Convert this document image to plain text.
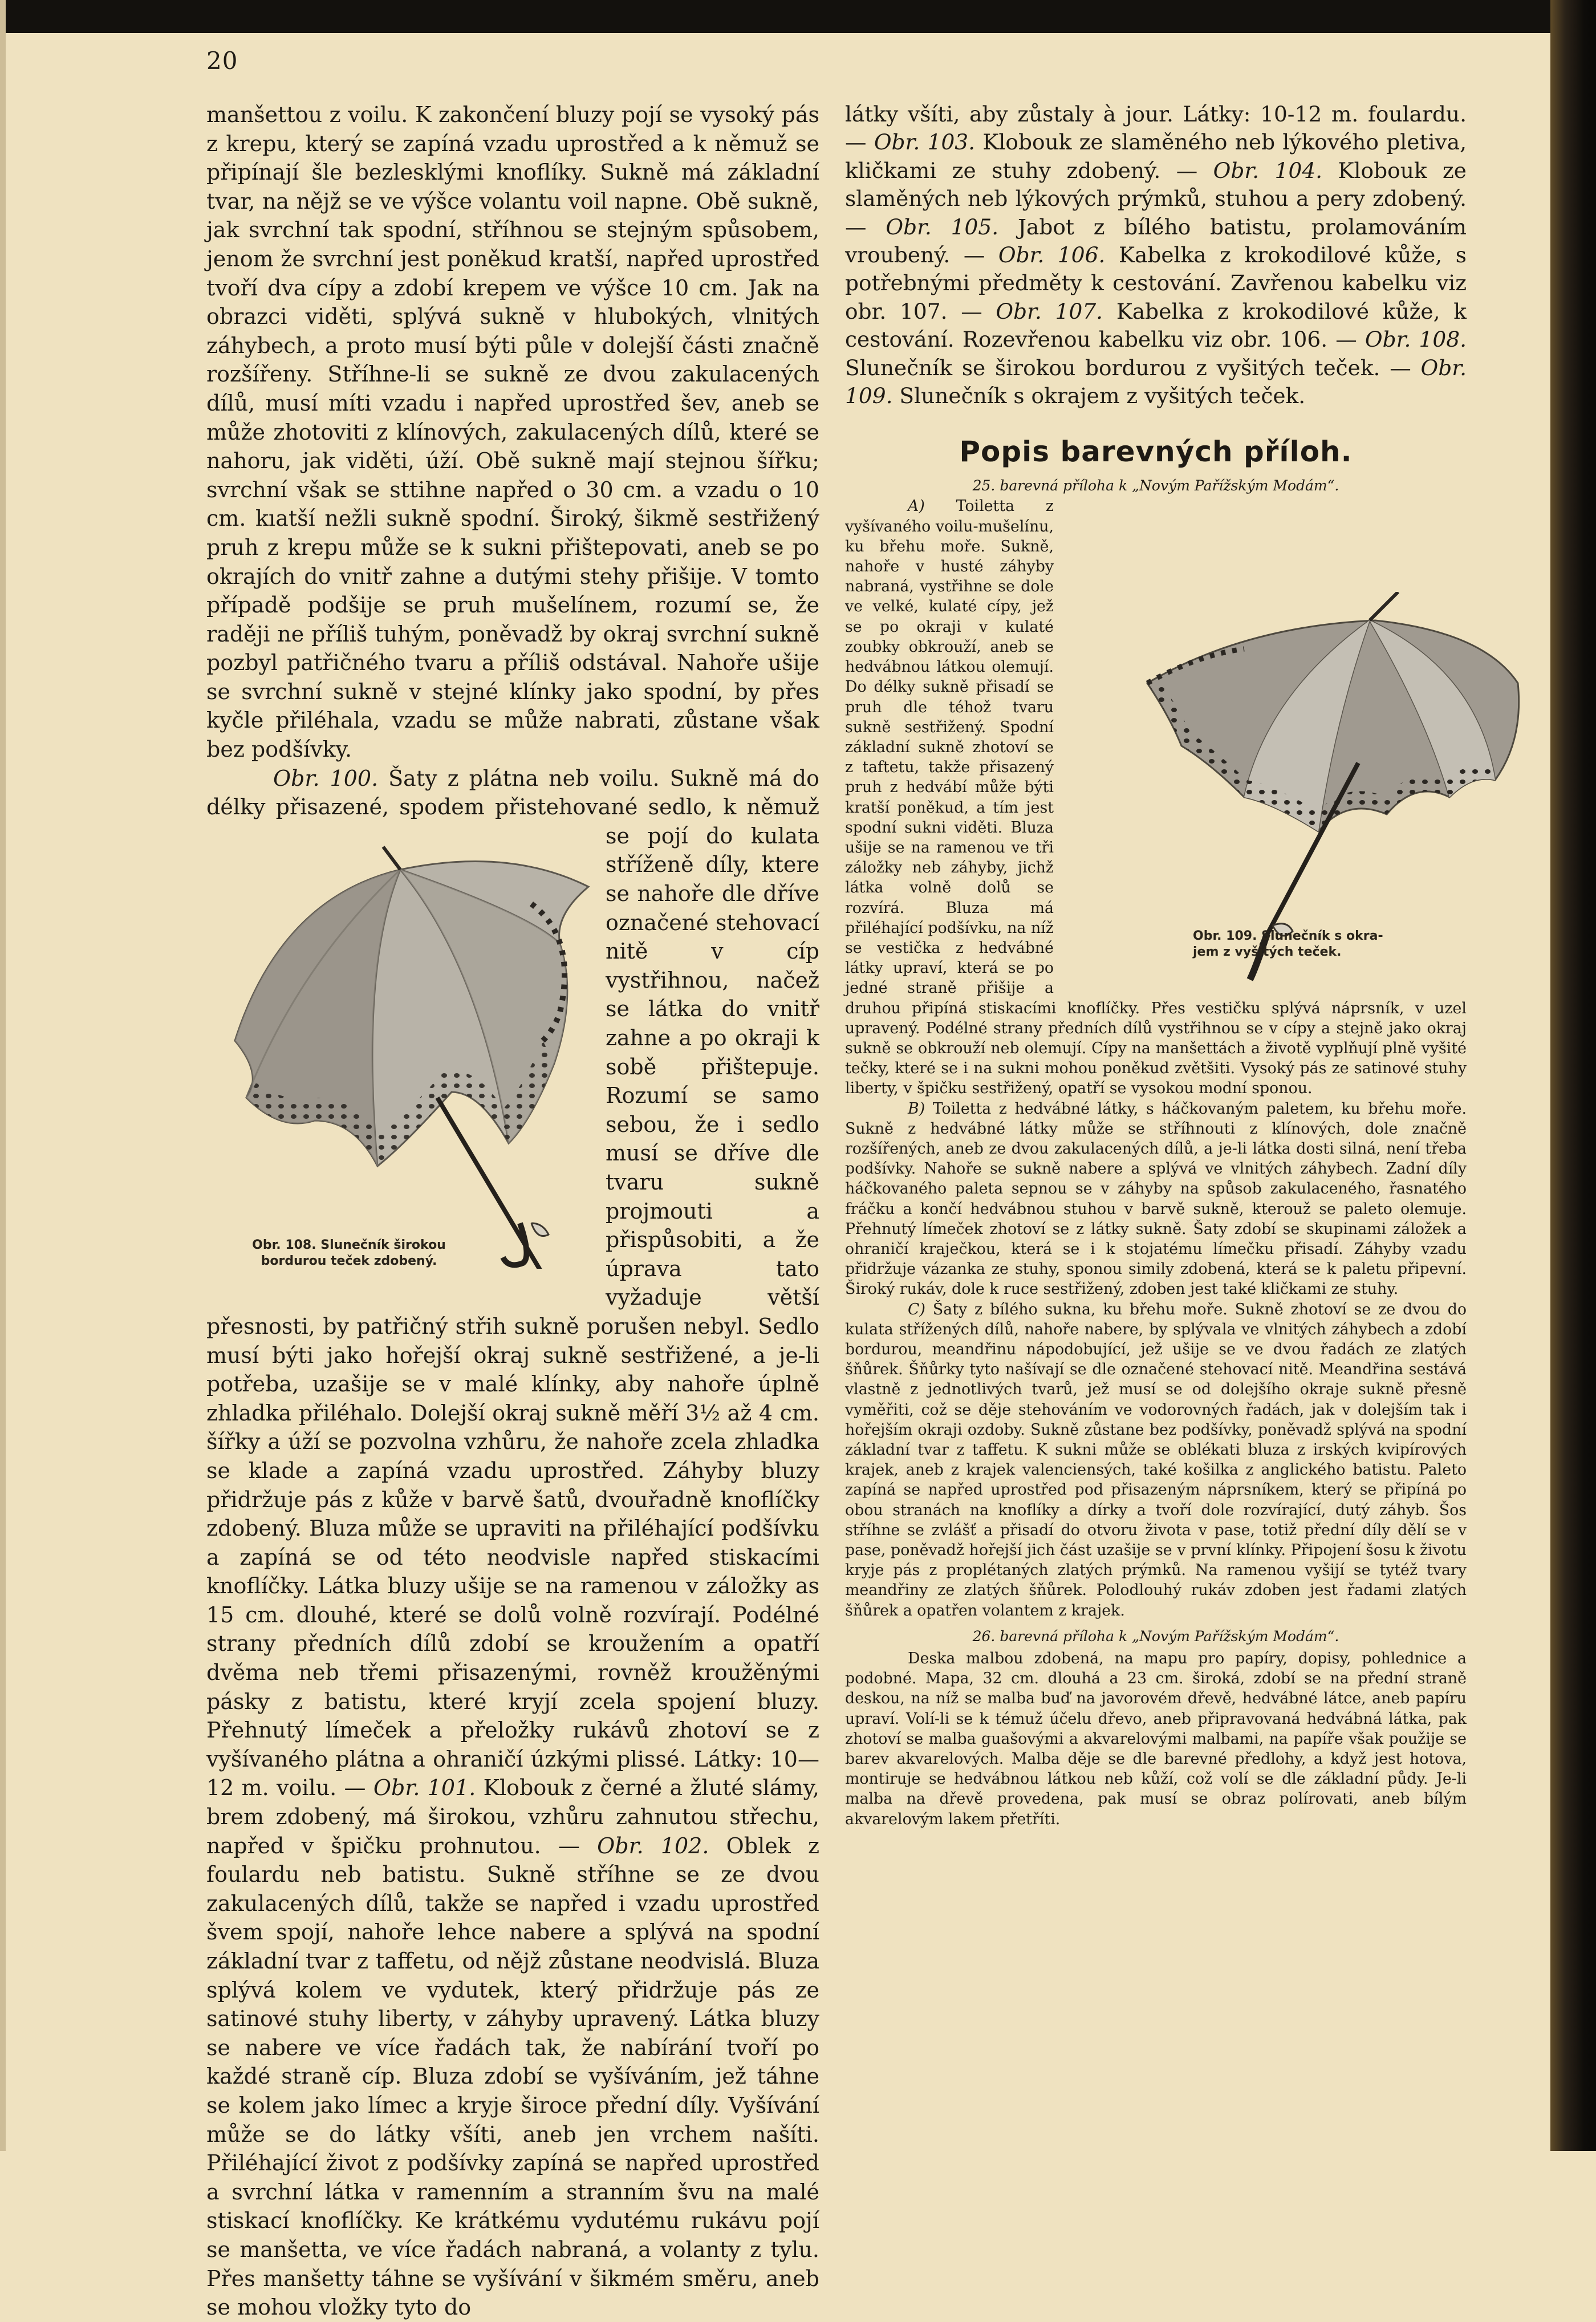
20

manšettou z voilu. K zakončení bluzy pojí se vysoký pás z krepu, který se zapíná vzadu uprostřed a k němuž se připínají šle bezlesklými knoflíky. Sukně má základní tvar, na nějž se ve výšce volantu voil napne. Obě sukně, jak svrchní tak spodní, stříhnou se stejným spůsobem, jenom že svrchní jest poněkud kratší, napřed uprostřed tvoří dva cípy a zdobí krepem ve výšce 10 cm. Jak na obrazci viděti, splývá sukně v hlubokých, vlnitých záhybech, a proto musí býti půle v dolejší části značně rozšířeny. Stříhne-li se sukně ze dvou zakulacených dílů, musí míti vzadu i napřed uprostřed šev, aneb se může zhotoviti z klínových, zakulacených dílů, které se nahoru, jak viděti, úží. Obě sukně mají stejnou šířku; svrchní však se sttihne napřed o 30 cm. a vzadu o 10 cm. kıatší nežli sukně spodní. Široký, šikmě sestřižený pruh z krepu může se k sukni přištepovati, aneb se po okrajích do vnitř zahne a dutými stehy přišije. V tomto případě podšije se pruh mušelínem, rozumí se, že raději ne příliš tuhým, poněvadž by okraj svrchní sukně pozbyl patřičného tvaru a příliš odstával. Nahoře ušije se svrchní sukně v stejné klínky jako spodní, by přes kyčle přiléhala, vzadu se může nabrati, zůstane však bez podšívky.

Obr. 100. Šaty z plátna neb voilu. Sukně má do délky přisazené, spodem přistehované sedlo, k němuž se pojí do kulata stříženě díly, ktere se nahoře dle dříve označené stehovací nitě v cíp vystřihnou, načež se látka do vnitř zahne a po okraji k sobě přištepuje. Rozumí se samo sebou, že i sedlo musí se dříve dle tvaru sukně projmouti a přispůsobiti, a že úprava tato vyžaduje větší přesnosti, by patřičný střih sukně porušen nebyl. Sedlo musí býti jako hořejší okraj sukně sestřižené, a je-li potřeba, uzašije se v malé klínky, aby nahoře úplně zhladka přiléhalo. Dolejší okraj sukně měří 3½ až 4 cm. šířky a úží se pozvolna vzhůru, že nahoře zcela zhladka se klade a zapíná vzadu uprostřed. Záhyby bluzy přidržuje pás z kůže v barvě šatů, dvouřadně knoflíčky zdobený. Bluza může se upraviti na přiléhající podšívku a zapíná se od této neodvisle napřed stiskacími knoflíčky. Látka bluzy ušije se na ramenou v záložky as 15 cm. dlouhé, které se dolů volně rozvírají. Podélné strany předních dílů zdobí se kroužením a opatří dvěma neb třemi přisazenými, rovněž kroužěnými pásky z batistu, které kryjí zcela spojení bluzy. Přehnutý límeček a přeložky rukávů zhotoví se z vyšívaného plátna a ohraničí úzkými plissé. Látky: 10—12 m. voilu. — Obr. 101. Klobouk z černé a žluté slámy, brem zdobený, má širokou, vzhůru zahnutou střechu, napřed v špičku prohnutou. — Obr. 102. Oblek z foulardu neb batistu. Sukně stříhne se ze dvou zakulacených dílů, takže se napřed i vzadu uprostřed švem spojí, nahoře lehce nabere a splývá na spodní základní tvar z taffetu, od nějž zůstane neodvislá. Bluza splývá kolem ve vydutek, který přidržuje pás ze satinové stuhy liberty, v záhyby upravený. Látka bluzy se nabere ve více řadách tak, že nabírání tvoří po každé straně cíp. Bluza zdobí se vyšíváním, jež táhne se kolem jako límec a kryje široce přední díly. Vyšívání může se do látky všíti, aneb jen vrchem našíti. Přiléhající život z podšívky zapíná se napřed uprostřed a svrchní látka v ramenním a stranním švu na malé stiskací knoflíčky. Ke krátkému vydutému rukávu pojí se manšetta, ve více řadách nabraná, a volanty z tylu. Přes manšetty táhne se vyšívání v šikmém směru, aneb se mohou vložky tyto do

Obr. 108. Slunečník širokou
bordurou teček zdobený.

látky všíti, aby zůstaly à jour. Látky: 10-12 m. foulardu. — Obr. 103. Klobouk ze slaměného neb lýkového pletiva, kličkami ze stuhy zdobený. — Obr. 104. Klobouk ze slaměných neb lýkových prýmků, stuhou a pery zdobený. — Obr. 105. Jabot z bílého batistu, prolamováním vroubený. — Obr. 106. Kabelka z krokodilové kůže, s potřebnými předměty k cestování. Zavřenou kabelku viz obr. 107. — Obr. 107. Kabelka z krokodilové kůže, k cestování. Rozevřenou kabelku viz obr. 106. — Obr. 108. Slunečník se širokou bordurou z vyšitých teček. — Obr. 109. Slunečník s okrajem z vyšitých teček.

Popis barevných příloh.
25. barevná příloha k „Novým Pařížským Modám“.

Obr. 109. Slunečník s okra-
jem z vyšitých teček.
A) Toiletta z vyšívaného voilu-mušelínu, ku břehu moře. Sukně, nahoře v husté záhyby nabraná, vystřihne se dole ve velké, kulaté cípy, jež se po okraji v kulaté zoubky obkrouží, aneb se hedvábnou látkou olemují. Do délky sukně přisadí se pruh dle téhož tvaru sukně sestřižený. Spodní základní sukně zhotoví se z taftetu, takže přisazený pruh z hedvábí může býti kratší poněkud, a tím jest spodní sukni viděti. Bluza ušije se na ramenou ve tři záložky neb záhyby, jichž látka volně dolů se rozvírá. Bluza má přiléhající podšívku, na níž se vestička z hedvábné látky upraví, která se po jedné straně přišije a druhou připíná stiskacími knoflíčky. Přes vestičku splývá náprsník, v uzel upravený. Podélné strany předních dílů vystřihnou se v cípy a stejně jako okraj sukně se obkrouží neb olemují. Cípy na manšettách a životě vyplňují plně vyšité tečky, které se i na sukni mohou poněkud zvětšiti. Vysoký pás ze satinové stuhy liberty, v špičku sestřižený, opatří se vysokou modní sponou.

B) Toiletta z hedvábné látky, s háčkovaným paletem, ku břehu moře. Sukně z hedvábné látky může se stříhnouti z klínových, dole značně rozšířených, aneb ze dvou zakulacených dílů, a je-li látka dosti silná, není třeba podšívky. Nahoře se sukně nabere a splývá ve vlnitých záhybech. Zadní díly háčkovaného paleta sepnou se v záhyby na spůsob zakulaceného, řasnatého fráčku a končí hedvábnou stuhou v barvě sukně, kterouž se paleto olemuje. Přehnutý límeček zhotoví se z látky sukně. Šaty zdobí se skupinami záložek a ohraničí kraječkou, která se i k stojatému límečku přisadí. Záhyby vzadu přidržuje vázanka ze stuhy, sponou simily zdobená, která se k paletu připevní. Široký rukáv, dole k ruce sestřižený, zdoben jest také kličkami ze stuhy.

C) Šaty z bílého sukna, ku břehu moře. Sukně zhotoví se ze dvou do kulata střížených dílů, nahoře nabere, by splývala ve vlnitých záhybech a zdobí bordurou, meandřinu nápodobující, jež ušije se ve dvou řadách ze zlatých šňůrek. Šňůrky tyto našívají se dle označené stehovací nitě. Meandřina sestává vlastně z jednotlivých tvarů, jež musí se od dolejšího okraje sukně přesně vyměřiti, což se děje stehováním ve vodorovných řadách, jak v dolejším tak i hořejším okraji ozdoby. Sukně zůstane bez podšívky, poněvadž splývá na spodní základní tvar z taffetu. K sukni může se oblékati bluza z irských kvipírových krajek, aneb z krajek valenciensých, také košilka z anglického batistu. Paleto zapíná se napřed uprostřed pod přisazeným náprsníkem, který se připíná po obou stranách na knoflíky a dírky a tvoří dole rozvírající, dutý záhyb. Šos stříhne se zvlášť a přisadí do otvoru života v pase, totiž přední díly dělí se v pase, poněvadž hořejší jich část uzašije se v první klínky. Připojení šosu k životu kryje pás z proplétaných zlatých prýmků. Na ramenou vyšijí se tytéž tvary meandřiny ze zlatých šňůrek. Polodlouhý rukáv zdoben jest řadami zlatých šňůrek a opatřen volantem z krajek.

26. barevná příloha k „Novým Pařížským Modám“.

Deska malbou zdobená, na mapu pro papíry, dopisy, pohlednice a podobné. Mapa, 32 cm. dlouhá a 23 cm. široká, zdobí se na přední straně deskou, na níž se malba buď na javorovém dřevě, hedvábné látce, aneb papíru upraví. Volí-li se k témuž účelu dřevo, aneb připravovaná hedvábná látka, pak zhotoví se malba guašovými a akvarelovými malbami, na papíře však použije se barev akvarelových. Malba děje se dle barevné předlohy, a když jest hotova, montiruje se hedvábnou látkou neb kůží, což volí se dle základní půdy. Je-li malba na dřevě provedena, pak musí se obraz polírovati, aneb bílým akvarelovým lakem přetříti.
